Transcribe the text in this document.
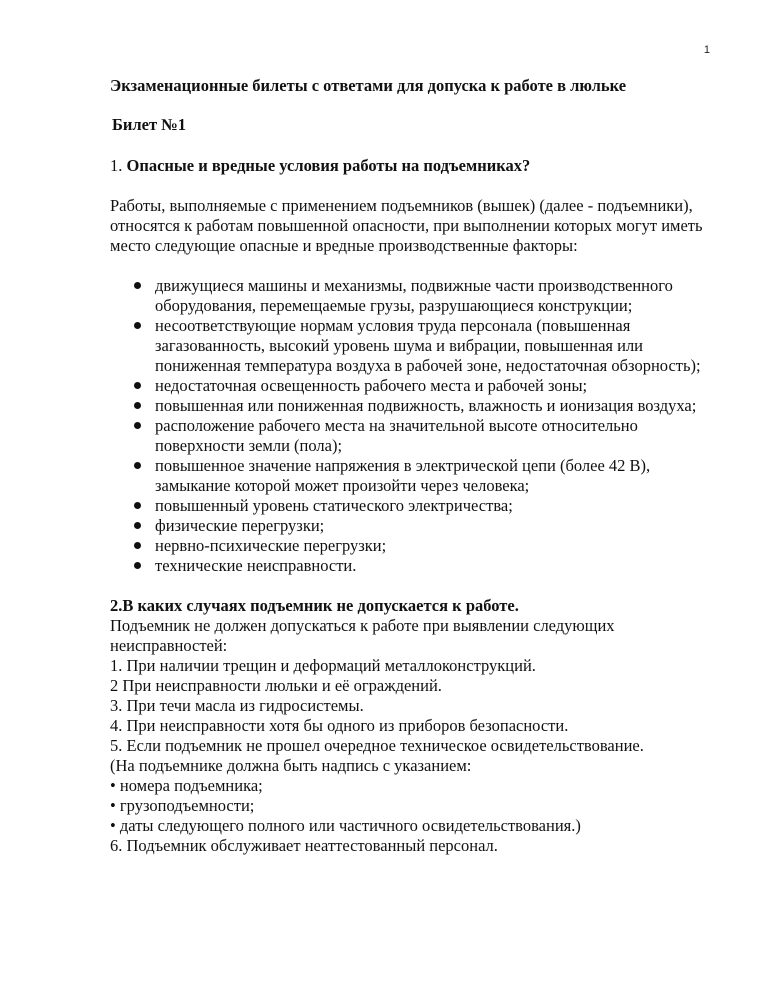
1

Экзаменационные билеты с ответами для допуска к работе в люльке

Билет №1

1. Опасные и вредные условия работы на подъемниках?

Работы, выполняемые с применением подъемников (вышек) (далее - подъемники), относятся к работам повышенной опасности, при выполнении которых могут иметь место следующие опасные и вредные производственные факторы:

движущиеся машины и механизмы, подвижные части производственного оборудования, перемещаемые грузы, разрушающиеся конструкции;
несоответствующие нормам условия труда персонала (повышенная загазованность, высокий уровень шума и вибрации, повышенная или пониженная температура воздуха в рабочей зоне, недостаточная обзорность);
недостаточная освещенность рабочего места и рабочей зоны;
повышенная или пониженная подвижность, влажность и ионизация воздуха;
расположение рабочего места на значительной высоте относительно поверхности земли (пола);
повышенное значение напряжения в электрической цепи (более 42 В), замыкание которой может произойти через человека;
повышенный уровень статического электричества;
физические перегрузки;
нервно-психические перегрузки;
технические неисправности.

2.В каких случаях подъемник не допускается к работе.

Подъемник не должен допускаться к работе при выявлении следующих неисправностей:

1. При наличии трещин и деформаций металлоконструкций.

2 При неисправности люльки и её ограждений.

3. При течи масла из гидросистемы.

4. При неисправности хотя бы одного из приборов безопасности.

5. Если подъемник не прошел очередное техническое освидетельствование.

(На подъемнике должна быть надпись с указанием:

• номера подъемника;

• грузоподъемности;

• даты следующего полного или частичного освидетельствования.)

6. Подъемник обслуживает неаттестованный персонал.
